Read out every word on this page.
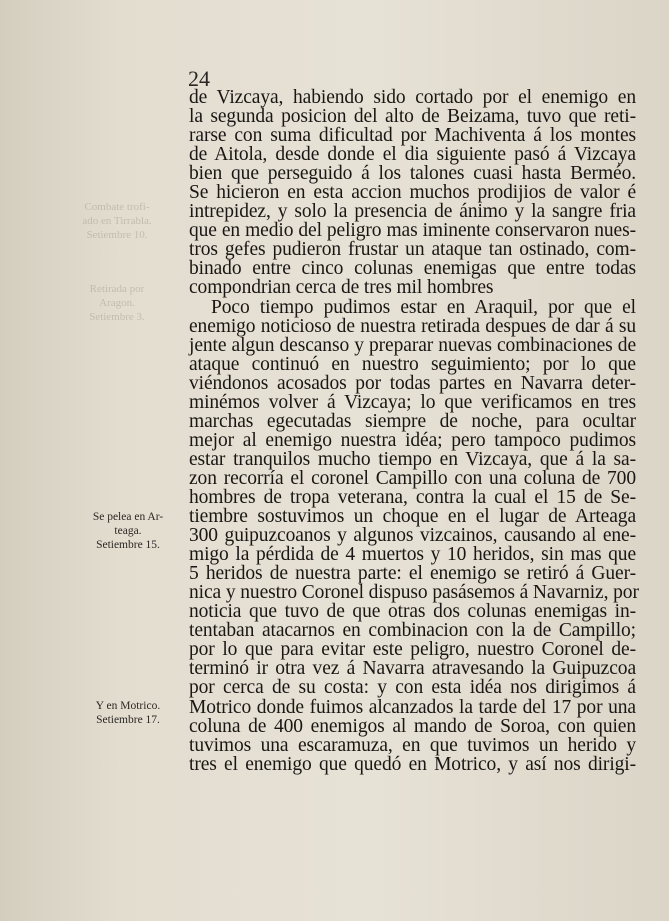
Combate trofi-
ado en Tirrabla.
Setiembre 10.
Retirada por
Aragon.
Setiembre 3.
24
Se pelea en Ar-
teaga.
Setiembre 15.
Y en Motrico.
Setiembre 17.
de Vizcaya, habiendo sido cortado por el enemigo en
la segunda posicion del alto de Beizama, tuvo que reti-
rarse con suma dificultad por Machiventa á los montes
de Aitola, desde donde el dia siguiente pasó á Vizcaya
bien que perseguido á los talones cuasi hasta Berméo.
Se hicieron en esta accion muchos prodijios de valor é
intrepidez, y solo la presencia de ánimo y la sangre fria
que en medio del peligro mas iminente conservaron nues-
tros gefes pudieron frustar un ataque tan ostinado, com-
binado entre cinco colunas enemigas que entre todas
compondrian cerca de tres mil hombres
Poco tiempo pudimos estar en Araquil, por que el
enemigo noticioso de nuestra retirada despues de dar á su
jente algun descanso y preparar nuevas combinaciones de
ataque continuó en nuestro seguimiento; por lo que
viéndonos acosados por todas partes en Navarra deter-
minémos volver á Vizcaya; lo que verificamos en tres
marchas egecutadas siempre de noche, para ocultar
mejor al enemigo nuestra idéa; pero tampoco pudimos
estar tranquilos mucho tiempo en Vizcaya, que á la sa-
zon recorría el coronel Campillo con una coluna de 700
hombres de tropa veterana, contra la cual el 15 de Se-
tiembre sostuvimos un choque en el lugar de Arteaga
300 guipuzcoanos y algunos vizcainos, causando al ene-
migo la pérdida de 4 muertos y 10 heridos, sin mas que
5 heridos de nuestra parte: el enemigo se retiró á Guer-
nica y nuestro Coronel dispuso pasásemos á Navarniz, por
noticia que tuvo de que otras dos colunas enemigas in-
tentaban atacarnos en combinacion con la de Campillo;
por lo que para evitar este peligro, nuestro Coronel de-
terminó ir otra vez á Navarra atravesando la Guipuzcoa
por cerca de su costa: y con esta idéa nos dirigimos á
Motrico donde fuimos alcanzados la tarde del 17 por una
coluna de 400 enemigos al mando de Soroa, con quien
tuvimos una escaramuza, en que tuvimos un herido y
tres el enemigo que quedó en Motrico, y así nos dirigi-
